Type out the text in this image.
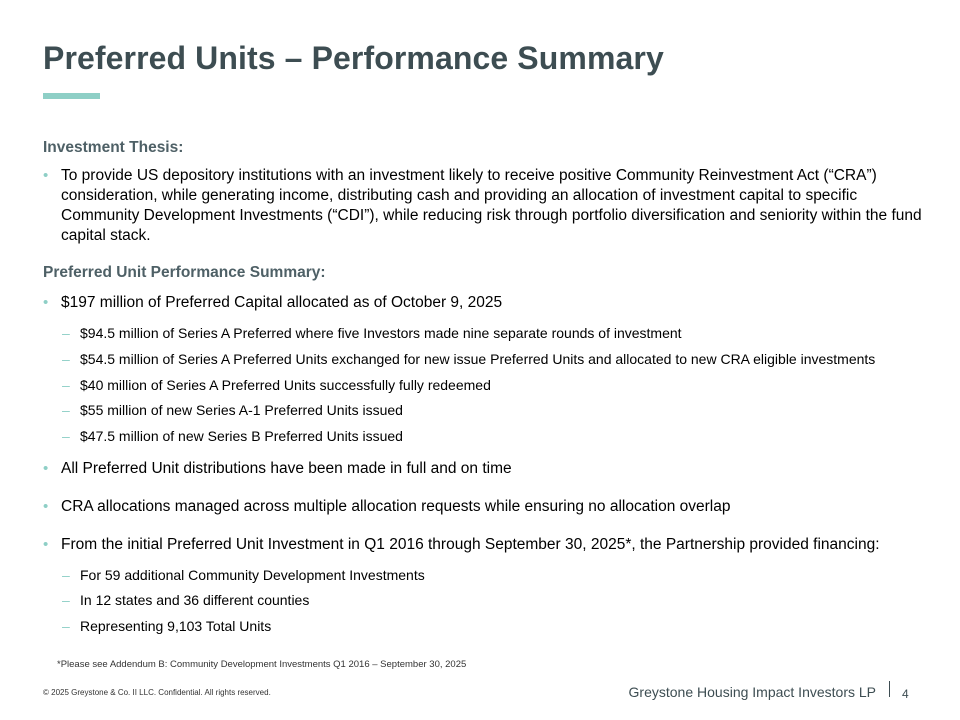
Preferred Units – Performance Summary
Investment Thesis:
• To provide US depository institutions with an investment likely to receive positive Community Reinvestment Act (“CRA”) consideration, while generating income, distributing cash and providing an allocation of investment capital to specific Community Development Investments (“CDI”), while reducing risk through portfolio diversification and seniority within the fund capital stack.
Preferred Unit Performance Summary:
• $197 million of Preferred Capital allocated as of October 9, 2025
– $94.5 million of Series A Preferred where five Investors made nine separate rounds of investment
– $54.5 million of Series A Preferred Units exchanged for new issue Preferred Units and allocated to new CRA eligible investments
– $40 million of Series A Preferred Units successfully fully redeemed
– $55 million of new Series A-1 Preferred Units issued
– $47.5 million of new Series B Preferred Units issued
• All Preferred Unit distributions have been made in full and on time
• CRA allocations managed across multiple allocation requests while ensuring no allocation overlap
• From the initial Preferred Unit Investment in Q1 2016 through September 30, 2025*, the Partnership provided financing:
– For 59 additional Community Development Investments
– In 12 states and 36 different counties
– Representing 9,103 Total Units
*Please see Addendum B: Community Development Investments Q1 2016 – September 30, 2025
© 2025 Greystone & Co. II LLC. Confidential. All rights reserved.	Greystone Housing Impact Investors LP 4
